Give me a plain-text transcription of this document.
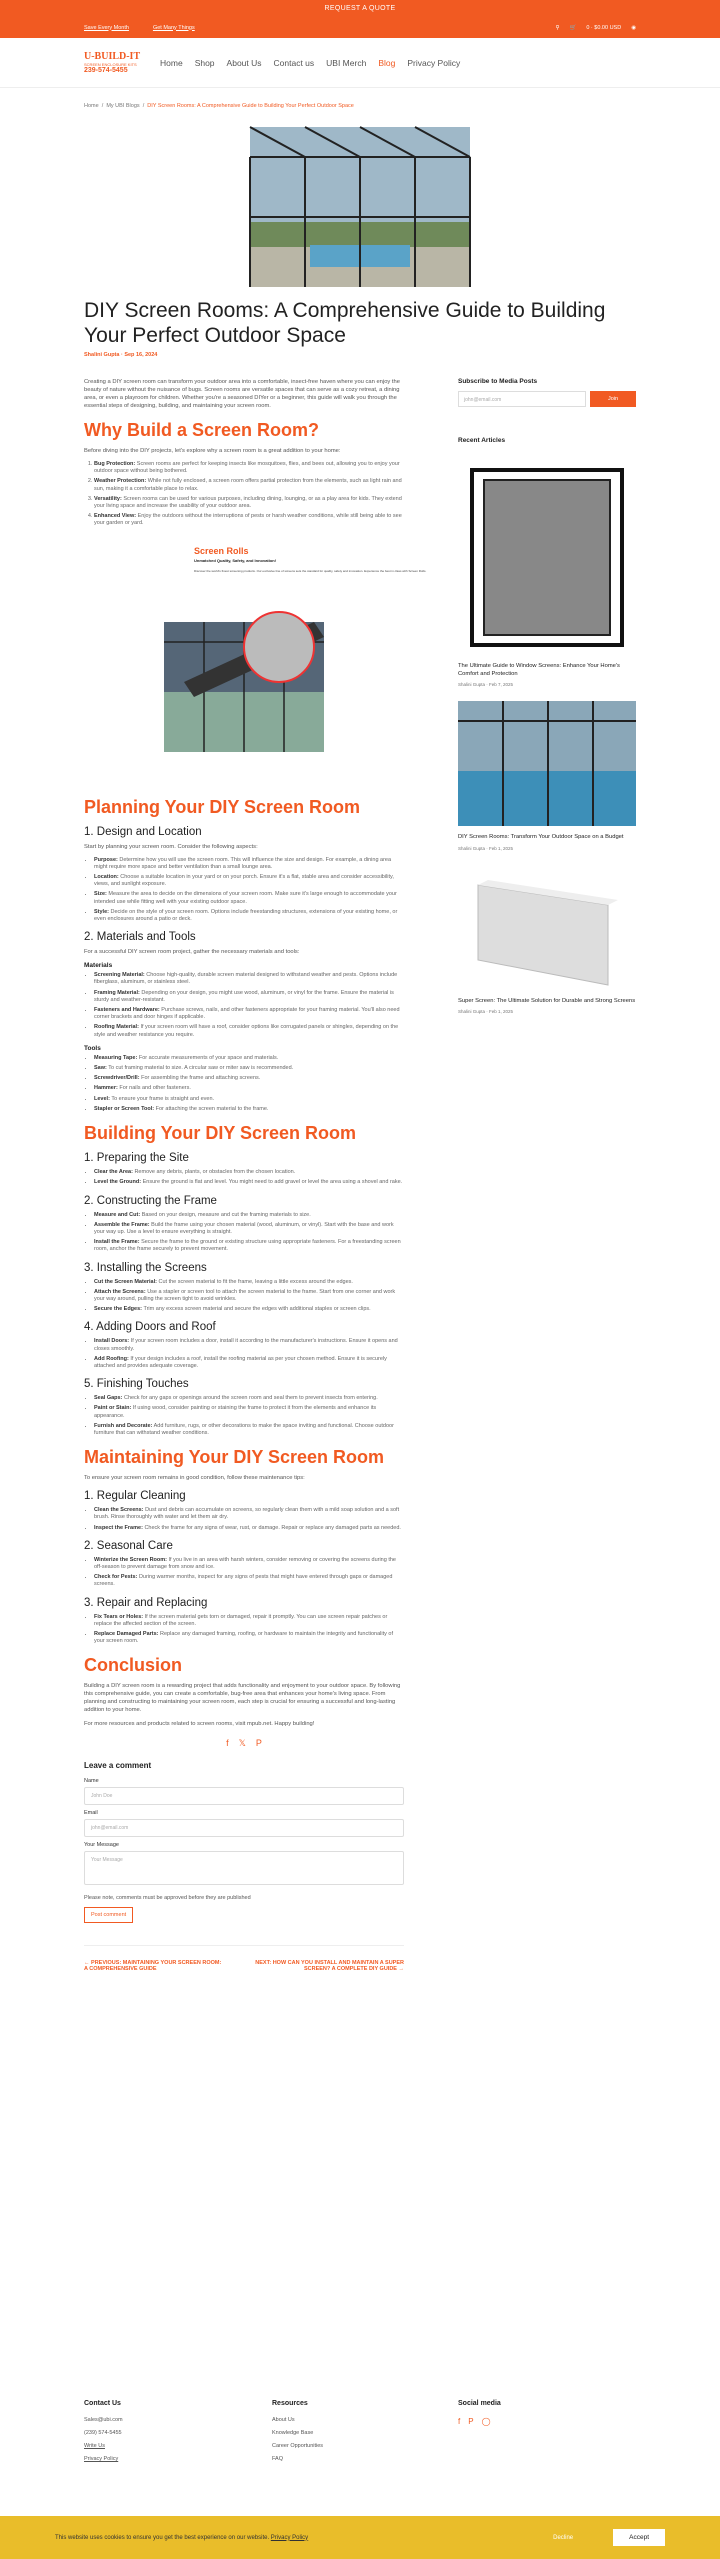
REQUEST A QUOTE
Save Every Month	Get Many Things	⚲ 🛒 0 · $0.00 USD ◉
U-BUILD-IT
SCREEN ENCLOSURE KITS
239-574-5455
Home Shop About Us Contact us UBI Merch Blog Privacy Policy
Home / My UBI Blogs / DIY Screen Rooms: A Comprehensive Guide to Building Your Perfect Outdoor Space
DIY Screen Rooms: A Comprehensive Guide to Building Your Perfect Outdoor Space
Shalini Gupta · Sep 16, 2024

Creating a DIY screen room can transform your outdoor area into a comfortable, insect-free haven where you can enjoy the beauty of nature without the nuisance of bugs. Screen rooms are versatile spaces that can serve as a cozy retreat, a dining area, or even a playroom for children. Whether you're a seasoned DIYer or a beginner, this guide will walk you through the essential steps of designing, building, and maintaining your screen room.

Why Build a Screen Room?

Before diving into the DIY projects, let's explore why a screen room is a great addition to your home:

1. Bug Protection: Screen rooms are perfect for keeping insects like mosquitoes, flies, and bees out, allowing you to enjoy your outdoor space without being bothered.
2. Weather Protection: While not fully enclosed, a screen room offers partial protection from the elements, such as light rain and sun, making it a comfortable place to relax.
3. Versatility: Screen rooms can be used for various purposes, including dining, lounging, or as a play area for kids. They extend your living space and increase the usability of your outdoor area.
4. Enhanced View: Enjoy the outdoors without the interruptions of pests or harsh weather conditions, while still being able to see your garden or yard.
Screen Rolls
Unmatched Quality, Safety, and Innovation!
Discover the world's finest screening products. Our exclusive line of screens sets the standard for quality, safety and innovation. Experience the best in class with Screen Rolls.
Planning Your DIY Screen Room
1. Design and Location

Start by planning your screen room. Consider the following aspects:

• Purpose: Determine how you will use the screen room. This will influence the size and design. For example, a dining area might require more space and better ventilation than a small lounge area.
• Location: Choose a suitable location in your yard or on your porch. Ensure it's a flat, stable area and consider accessibility, views, and sunlight exposure.
• Size: Measure the area to decide on the dimensions of your screen room. Make sure it's large enough to accommodate your intended use while fitting well with your existing outdoor space.
• Style: Decide on the style of your screen room. Options include freestanding structures, extensions of your existing home, or even enclosures around a patio or deck.
2. Materials and Tools

For a successful DIY screen room project, gather the necessary materials and tools:

Materials
• Screening Material: Choose high-quality, durable screen material designed to withstand weather and pests. Options include fiberglass, aluminum, or stainless steel.
• Framing Material: Depending on your design, you might use wood, aluminum, or vinyl for the frame. Ensure the material is sturdy and weather-resistant.
• Fasteners and Hardware: Purchase screws, nails, and other fasteners appropriate for your framing material. You'll also need corner brackets and door hinges if applicable.
• Roofing Material: If your screen room will have a roof, consider options like corrugated panels or shingles, depending on the style and weather resistance you require.
Tools
• Measuring Tape: For accurate measurements of your space and materials.
• Saw: To cut framing material to size. A circular saw or miter saw is recommended.
• Screwdriver/Drill: For assembling the frame and attaching screens.
• Hammer: For nails and other fasteners.
• Level: To ensure your frame is straight and even.
• Stapler or Screen Tool: For attaching the screen material to the frame.
Building Your DIY Screen Room
1. Preparing the Site
• Clear the Area: Remove any debris, plants, or obstacles from the chosen location.
• Level the Ground: Ensure the ground is flat and level. You might need to add gravel or level the area using a shovel and rake.
2. Constructing the Frame
• Measure and Cut: Based on your design, measure and cut the framing materials to size.
• Assemble the Frame: Build the frame using your chosen material (wood, aluminum, or vinyl). Start with the base and work your way up. Use a level to ensure everything is straight.
• Install the Frame: Secure the frame to the ground or existing structure using appropriate fasteners. For a freestanding screen room, anchor the frame securely to prevent movement.
3. Installing the Screens
• Cut the Screen Material: Cut the screen material to fit the frame, leaving a little excess around the edges.
• Attach the Screens: Use a stapler or screen tool to attach the screen material to the frame. Start from one corner and work your way around, pulling the screen tight to avoid wrinkles.
• Secure the Edges: Trim any excess screen material and secure the edges with additional staples or screen clips.
4. Adding Doors and Roof
• Install Doors: If your screen room includes a door, install it according to the manufacturer's instructions. Ensure it opens and closes smoothly.
• Add Roofing: If your design includes a roof, install the roofing material as per your chosen method. Ensure it is securely attached and provides adequate coverage.
5. Finishing Touches
• Seal Gaps: Check for any gaps or openings around the screen room and seal them to prevent insects from entering.
• Paint or Stain: If using wood, consider painting or staining the frame to protect it from the elements and enhance its appearance.
• Furnish and Decorate: Add furniture, rugs, or other decorations to make the space inviting and functional. Choose outdoor furniture that can withstand weather conditions.
Maintaining Your DIY Screen Room

To ensure your screen room remains in good condition, follow these maintenance tips:

1. Regular Cleaning
• Clean the Screens: Dust and debris can accumulate on screens, so regularly clean them with a mild soap solution and a soft brush. Rinse thoroughly with water and let them air dry.
• Inspect the Frame: Check the frame for any signs of wear, rust, or damage. Repair or replace any damaged parts as needed.
2. Seasonal Care
• Winterize the Screen Room: If you live in an area with harsh winters, consider removing or covering the screens during the off-season to prevent damage from snow and ice.
• Check for Pests: During warmer months, inspect for any signs of pests that might have entered through gaps or damaged screens.
3. Repair and Replacing
• Fix Tears or Holes: If the screen material gets torn or damaged, repair it promptly. You can use screen repair patches or replace the affected section of the screen.
• Replace Damaged Parts: Replace any damaged framing, roofing, or hardware to maintain the integrity and functionality of your screen room.
Conclusion

Building a DIY screen room is a rewarding project that adds functionality and enjoyment to your outdoor space. By following this comprehensive guide, you can create a comfortable, bug-free area that enhances your home's living space. From planning and constructing to maintaining your screen room, each step is crucial for ensuring a successful and long-lasting addition to your home.

For more resources and products related to screen rooms, visit mpub.net. Happy building!

f 𝕏 P
Leave a comment
Name
John Doe
Email
john@email.com
Your Message
Your Message
Please note, comments must be approved before they are published
Post comment
← PREVIOUS: MAINTAINING YOUR SCREEN ROOM: A COMPREHENSIVE GUIDE
NEXT: HOW CAN YOU INSTALL AND MAINTAIN A SUPER SCREEN? A COMPLETE DIY GUIDE →
Subscribe to Media Posts
john@email.com	Join
Recent Articles
The Ultimate Guide to Window Screens: Enhance Your Home's Comfort and Protection
Shalini Gupta · Feb 7, 2025
DIY Screen Rooms: Transform Your Outdoor Space on a Budget
Shalini Gupta · Feb 1, 2025
Super Screen: The Ultimate Solution for Durable and Strong Screens
Shalini Gupta · Feb 1, 2025
Contact Us
Sales@ubi.com
(239) 574-5455
Write Us
Privacy Policy
Resources
About Us
Knowledge Base
Career Opportunities
FAQ
Social media
f P ◯
This website uses cookies to ensure you get the best experience on our website.
Privacy Policy	Decline	Accept
